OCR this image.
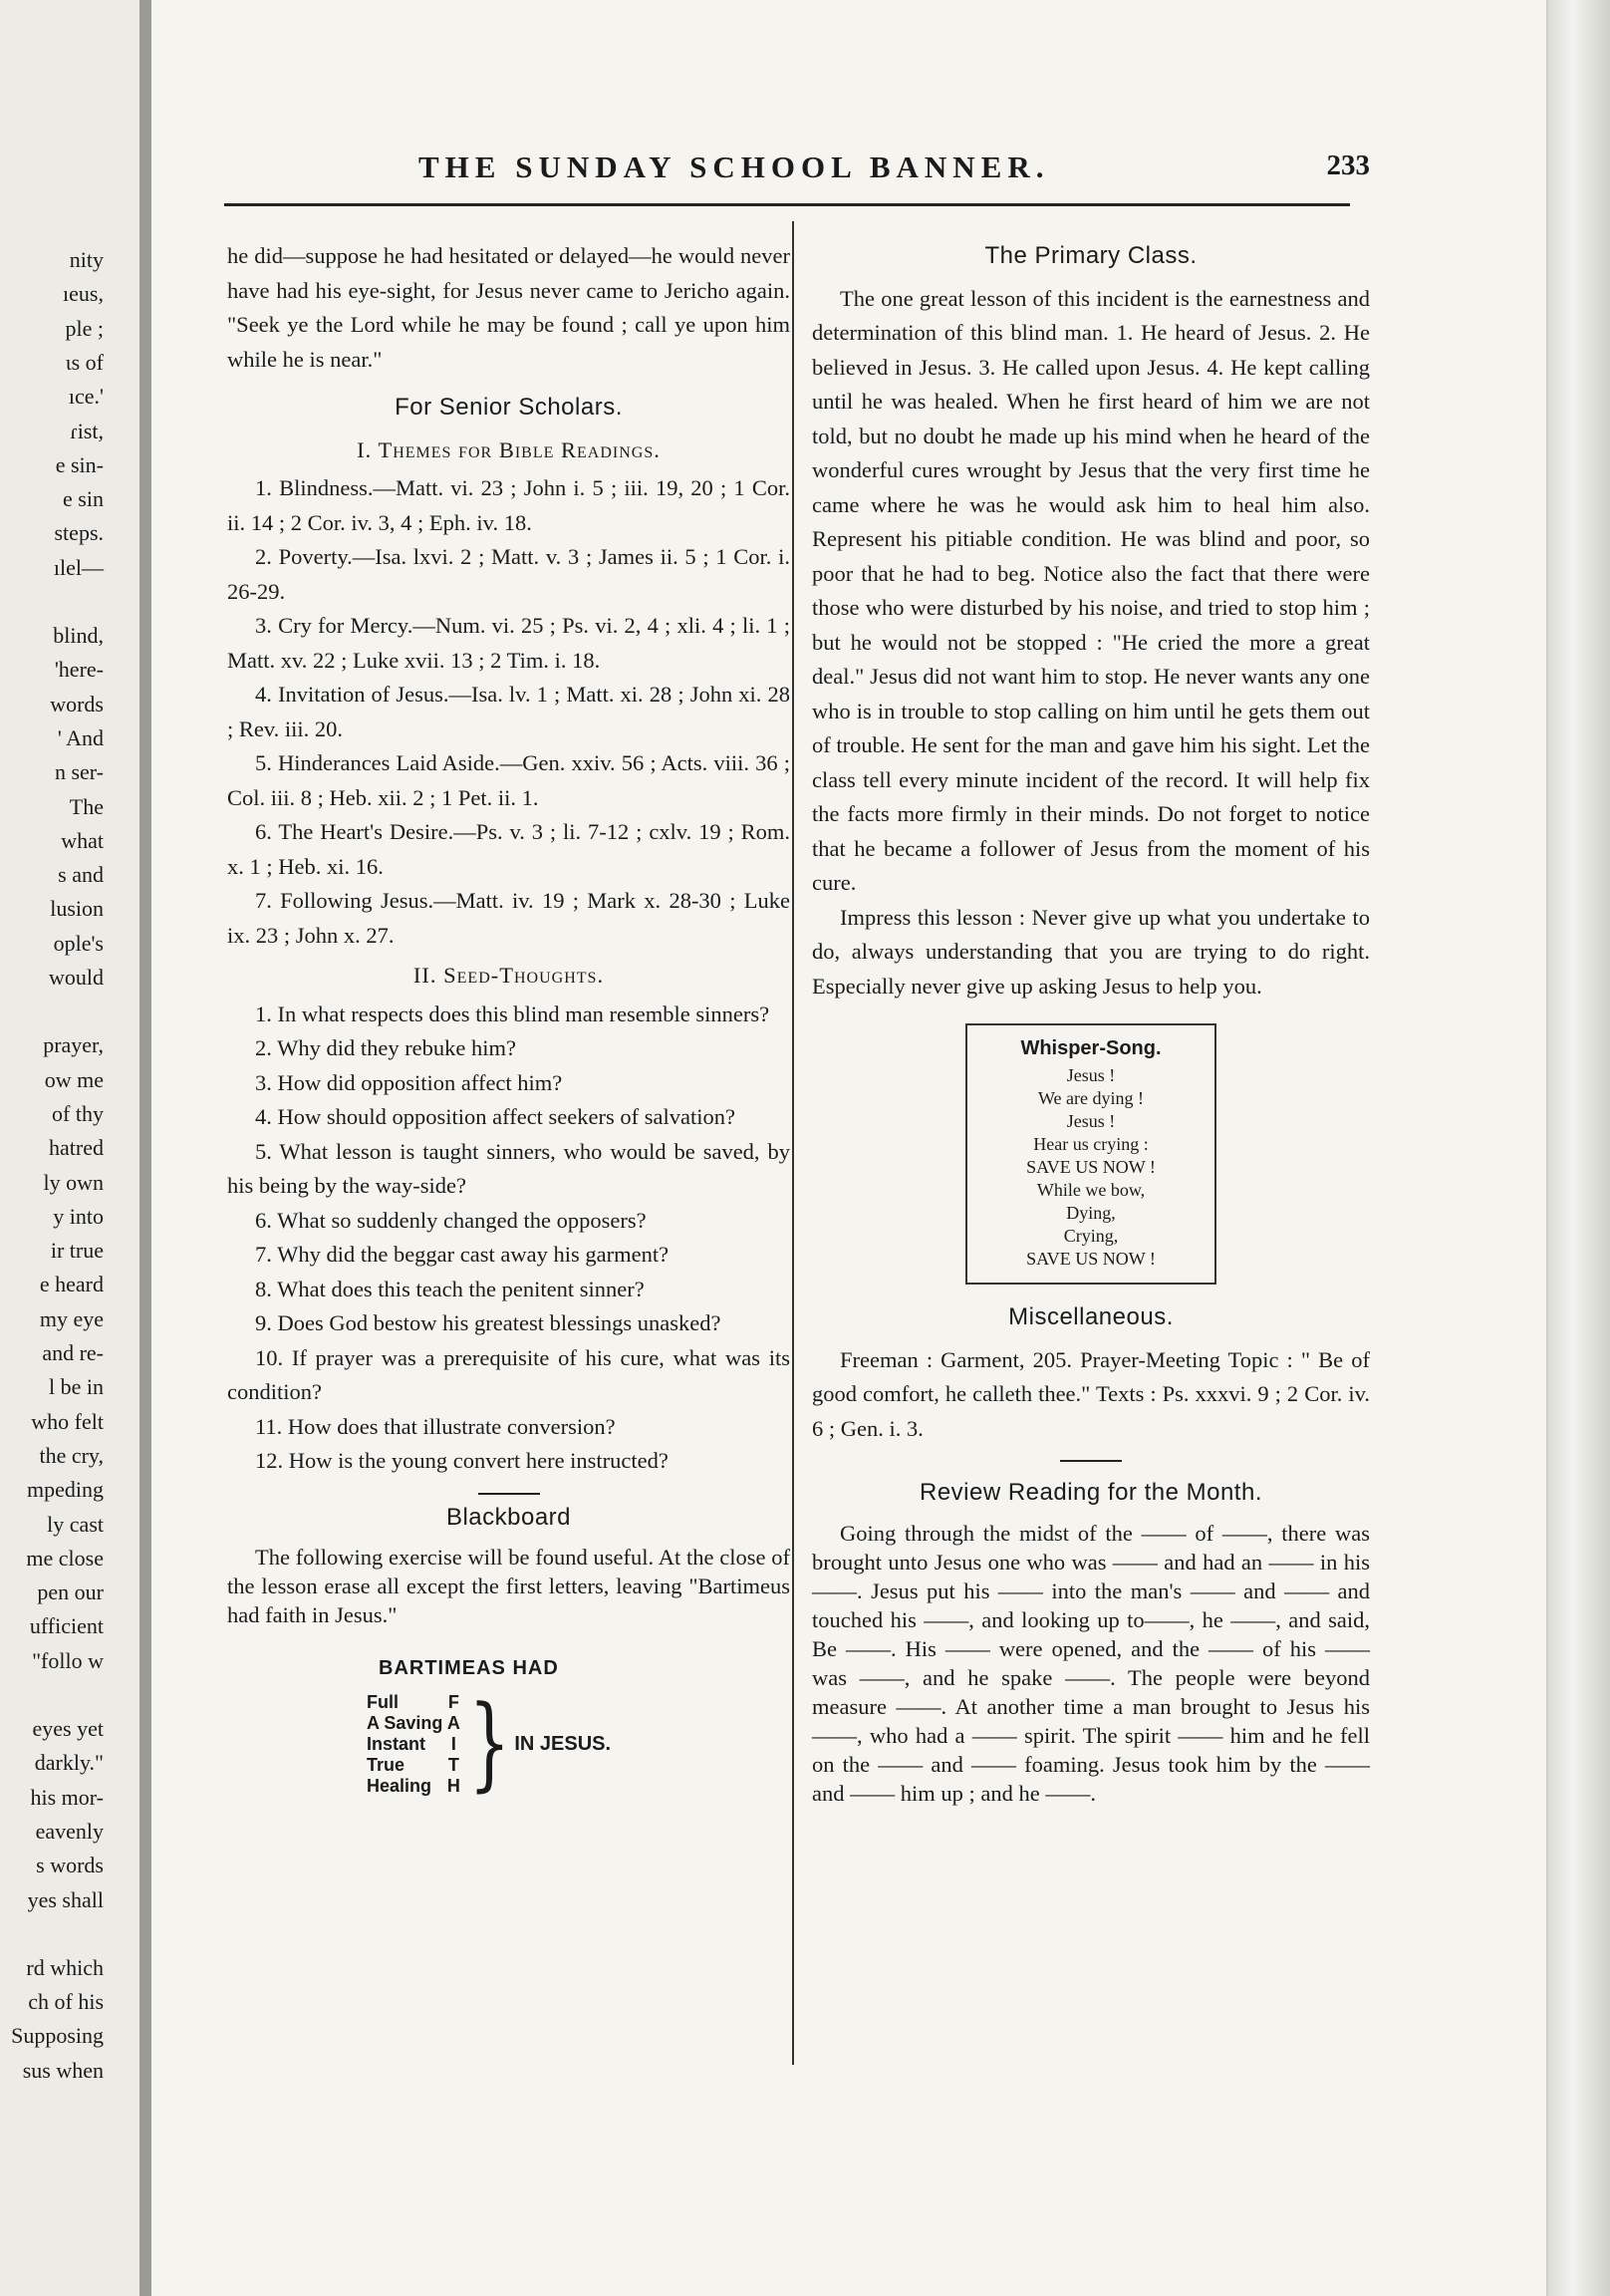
nity
ıeus,
ple ;
ɩs of
ıce.'
ɾist,
e sin-
e sin
steps.
ılel—
blind,
'here-
words
' And
n ser-
The
what
s and
lusion
ople's
would
prayer,
ow me
of thy
hatred
ly own
y into
ir true
e heard
my eye
and re-
l be in
who felt
the cry,
mpeding
ly cast
me close
pen our
ufficient
"follo w
eyes yet
darkly."
his mor-
eavenly
s words
yes shall
rd which
ch of his
Supposing
sus when
THE SUNDAY SCHOOL BANNER.	233

he did—suppose he had hesitated or delayed—he would never have had his eye-sight, for Jesus never came to Jericho again. "Seek ye the Lord while he may be found ; call ye upon him while he is near."

For Senior Scholars.
I. Themes for Bible Readings.

1. Blindness.—Matt. vi. 23 ; John i. 5 ; iii. 19, 20 ; 1 Cor. ii. 14 ; 2 Cor. iv. 3, 4 ; Eph. iv. 18.

2. Poverty.—Isa. lxvi. 2 ; Matt. v. 3 ; James ii. 5 ; 1 Cor. i. 26-29.

3. Cry for Mercy.—Num. vi. 25 ; Ps. vi. 2, 4 ; xli. 4 ; li. 1 ; Matt. xv. 22 ; Luke xvii. 13 ; 2 Tim. i. 18.

4. Invitation of Jesus.—Isa. lv. 1 ; Matt. xi. 28 ; John xi. 28 ; Rev. iii. 20.

5. Hinderances Laid Aside.—Gen. xxiv. 56 ; Acts. viii. 36 ; Col. iii. 8 ; Heb. xii. 2 ; 1 Pet. ii. 1.

6. The Heart's Desire.—Ps. v. 3 ; li. 7-12 ; cxlv. 19 ; Rom. x. 1 ; Heb. xi. 16.

7. Following Jesus.—Matt. iv. 19 ; Mark x. 28-30 ; Luke ix. 23 ; John x. 27.

II. Seed-Thoughts.

1. In what respects does this blind man resemble sinners?

2. Why did they rebuke him?

3. How did opposition affect him?

4. How should opposition affect seekers of salvation?

5. What lesson is taught sinners, who would be saved, by his being by the way-side?

6. What so suddenly changed the opposers?

7. Why did the beggar cast away his garment?

8. What does this teach the penitent sinner?

9. Does God bestow his greatest blessings unasked?

10. If prayer was a prerequisite of his cure, what was its condition?

11. How does that illustrate conversion?

12. How is the young convert here instructed?

Blackboard

The following exercise will be found useful. At the close of the lesson erase all except the first letters, leaving "Bartimeus had faith in Jesus."

BARTIMEAS HAD
Full
A Saving
Instant
True
Healing
F
A
I
T
H } IN JESUS.
The Primary Class.

The one great lesson of this incident is the earnestness and determination of this blind man. 1. He heard of Jesus. 2. He believed in Jesus. 3. He called upon Jesus. 4. He kept calling until he was healed. When he first heard of him we are not told, but no doubt he made up his mind when he heard of the wonderful cures wrought by Jesus that the very first time he came where he was he would ask him to heal him also. Represent his pitiable condition. He was blind and poor, so poor that he had to beg. Notice also the fact that there were those who were disturbed by his noise, and tried to stop him ; but he would not be stopped : "He cried the more a great deal." Jesus did not want him to stop. He never wants any one who is in trouble to stop calling on him until he gets them out of trouble. He sent for the man and gave him his sight. Let the class tell every minute incident of the record. It will help fix the facts more firmly in their minds. Do not forget to notice that he became a follower of Jesus from the moment of his cure.

Impress this lesson : Never give up what you undertake to do, always understanding that you are trying to do right. Especially never give up asking Jesus to help you.

Whisper-Song.
Jesus !
We are dying !
Jesus !
Hear us crying :
SAVE US NOW !
While we bow,
Dying,
Crying,
SAVE US NOW !
Miscellaneous.

Freeman : Garment, 205. Prayer-Meeting Topic : " Be of good comfort, he calleth thee." Texts : Ps. xxxvi. 9 ; 2 Cor. iv. 6 ; Gen. i. 3.

Review Reading for the Month.

Going through the midst of the —— of ——, there was brought unto Jesus one who was —— and had an —— in his ——. Jesus put his —— into the man's —— and —— and touched his ——, and looking up to——, he ——, and said, Be ——. His —— were opened, and the —— of his —— was ——, and he spake ——. The people were beyond measure ——. At another time a man brought to Jesus his ——, who had a —— spirit. The spirit —— him and he fell on the —— and —— foaming. Jesus took him by the —— and —— him up ; and he ——.
